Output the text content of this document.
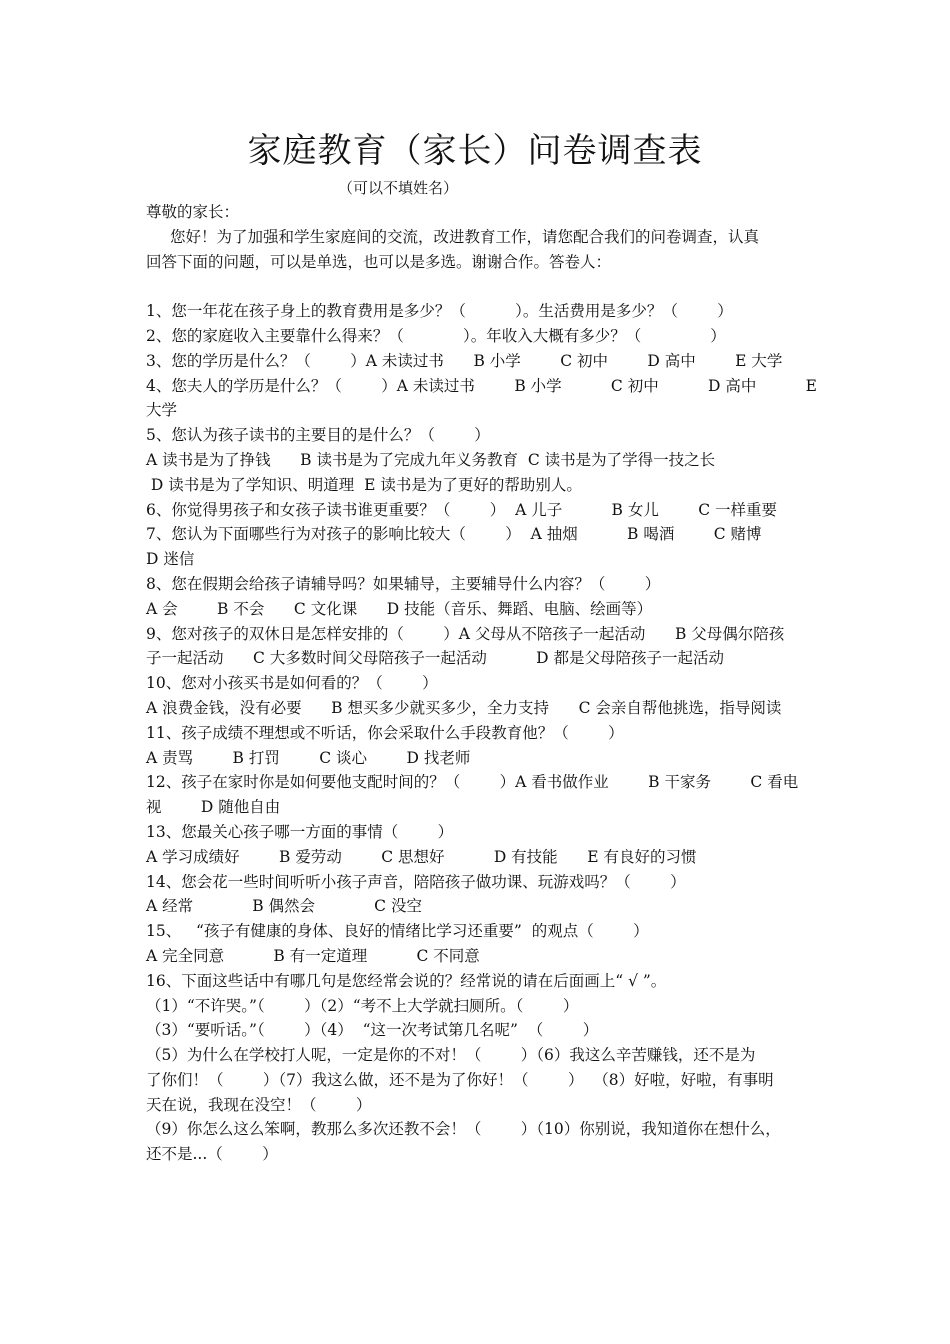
家庭教育（家长）问卷调查表
（可以不填姓名）
尊敬的家长：
您好！为了加强和学生家庭间的交流，改进教育工作，请您配合我们的问卷调查，认真
回答下面的问题，可以是单选，也可以是多选。谢谢合作。答卷人：
1、您一年花在孩子身上的教育费用是多少？（          ）。生活费用是多少？（        ）
2、您的家庭收入主要靠什么得来？（            ）。年收入大概有多少？（              ）
3、您的学历是什么？（        ）A 未读过书      B 小学        C 初中        D 高中        E 大学
4、您夫人的学历是什么？（        ）A 未读过书        B 小学          C 初中          D 高中          E
大学
5、您认为孩子读书的主要目的是什么？（        ）
A 读书是为了挣钱      B 读书是为了完成九年义务教育  C 读书是为了学得一技之长
D 读书是为了学知识、明道理  E 读书是为了更好的帮助别人。
6、你觉得男孩子和女孩子读书谁更重要？（        ）  A 儿子          B 女儿        C 一样重要
7、您认为下面哪些行为对孩子的影响比较大（        ）  A 抽烟          B 喝酒        C 赌博
D 迷信
8、您在假期会给孩子请辅导吗？如果辅导，主要辅导什么内容？（        ）
A 会        B 不会      C 文化课      D 技能（音乐、舞蹈、电脑、绘画等）
9、您对孩子的双休日是怎样安排的（        ）A 父母从不陪孩子一起活动      B 父母偶尔陪孩
子一起活动      C 大多数时间父母陪孩子一起活动          D 都是父母陪孩子一起活动
10、您对小孩买书是如何看的？（        ）
A 浪费金钱，没有必要      B 想买多少就买多少，全力支持      C 会亲自帮他挑选，指导阅读
11、孩子成绩不理想或不听话，你会采取什么手段教育他？（        ）
A 责骂        B 打罚        C 谈心        D 找老师
12、孩子在家时你是如何要他支配时间的？（        ）A 看书做作业        B 干家务        C 看电
视        D 随他自由
13、您最关心孩子哪一方面的事情（        ）
A 学习成绩好        B 爱劳动        C 思想好          D 有技能      E 有良好的习惯
14、您会花一些时间听听小孩子声音，陪陪孩子做功课、玩游戏吗？（        ）
A 经常            B 偶然会            C 没空
15、   “孩子有健康的身体、良好的情绪比学习还重要”  的观点（        ）
A 完全同意          B 有一定道理          C 不同意
16、下面这些话中有哪几句是您经常会说的？经常说的请在后面画上“ √ ”。
（1）“不许哭。”（        ）（2）“考不上大学就扫厕所。（        ）
（3）“要听话。”（        ）（4）  “这一次考试第几名呢”  （        ）
（5）为什么在学校打人呢，一定是你的不对！（        ）（6）我这么辛苦赚钱，还不是为
了你们！（        ）（7）我这么做，还不是为了你好！（        ）  （8）好啦，好啦，有事明
天在说，我现在没空！（        ）
（9）你怎么这么笨啊，教那么多次还教不会！（        ）（10）你别说，我知道你在想什么，
还不是...（        ）
